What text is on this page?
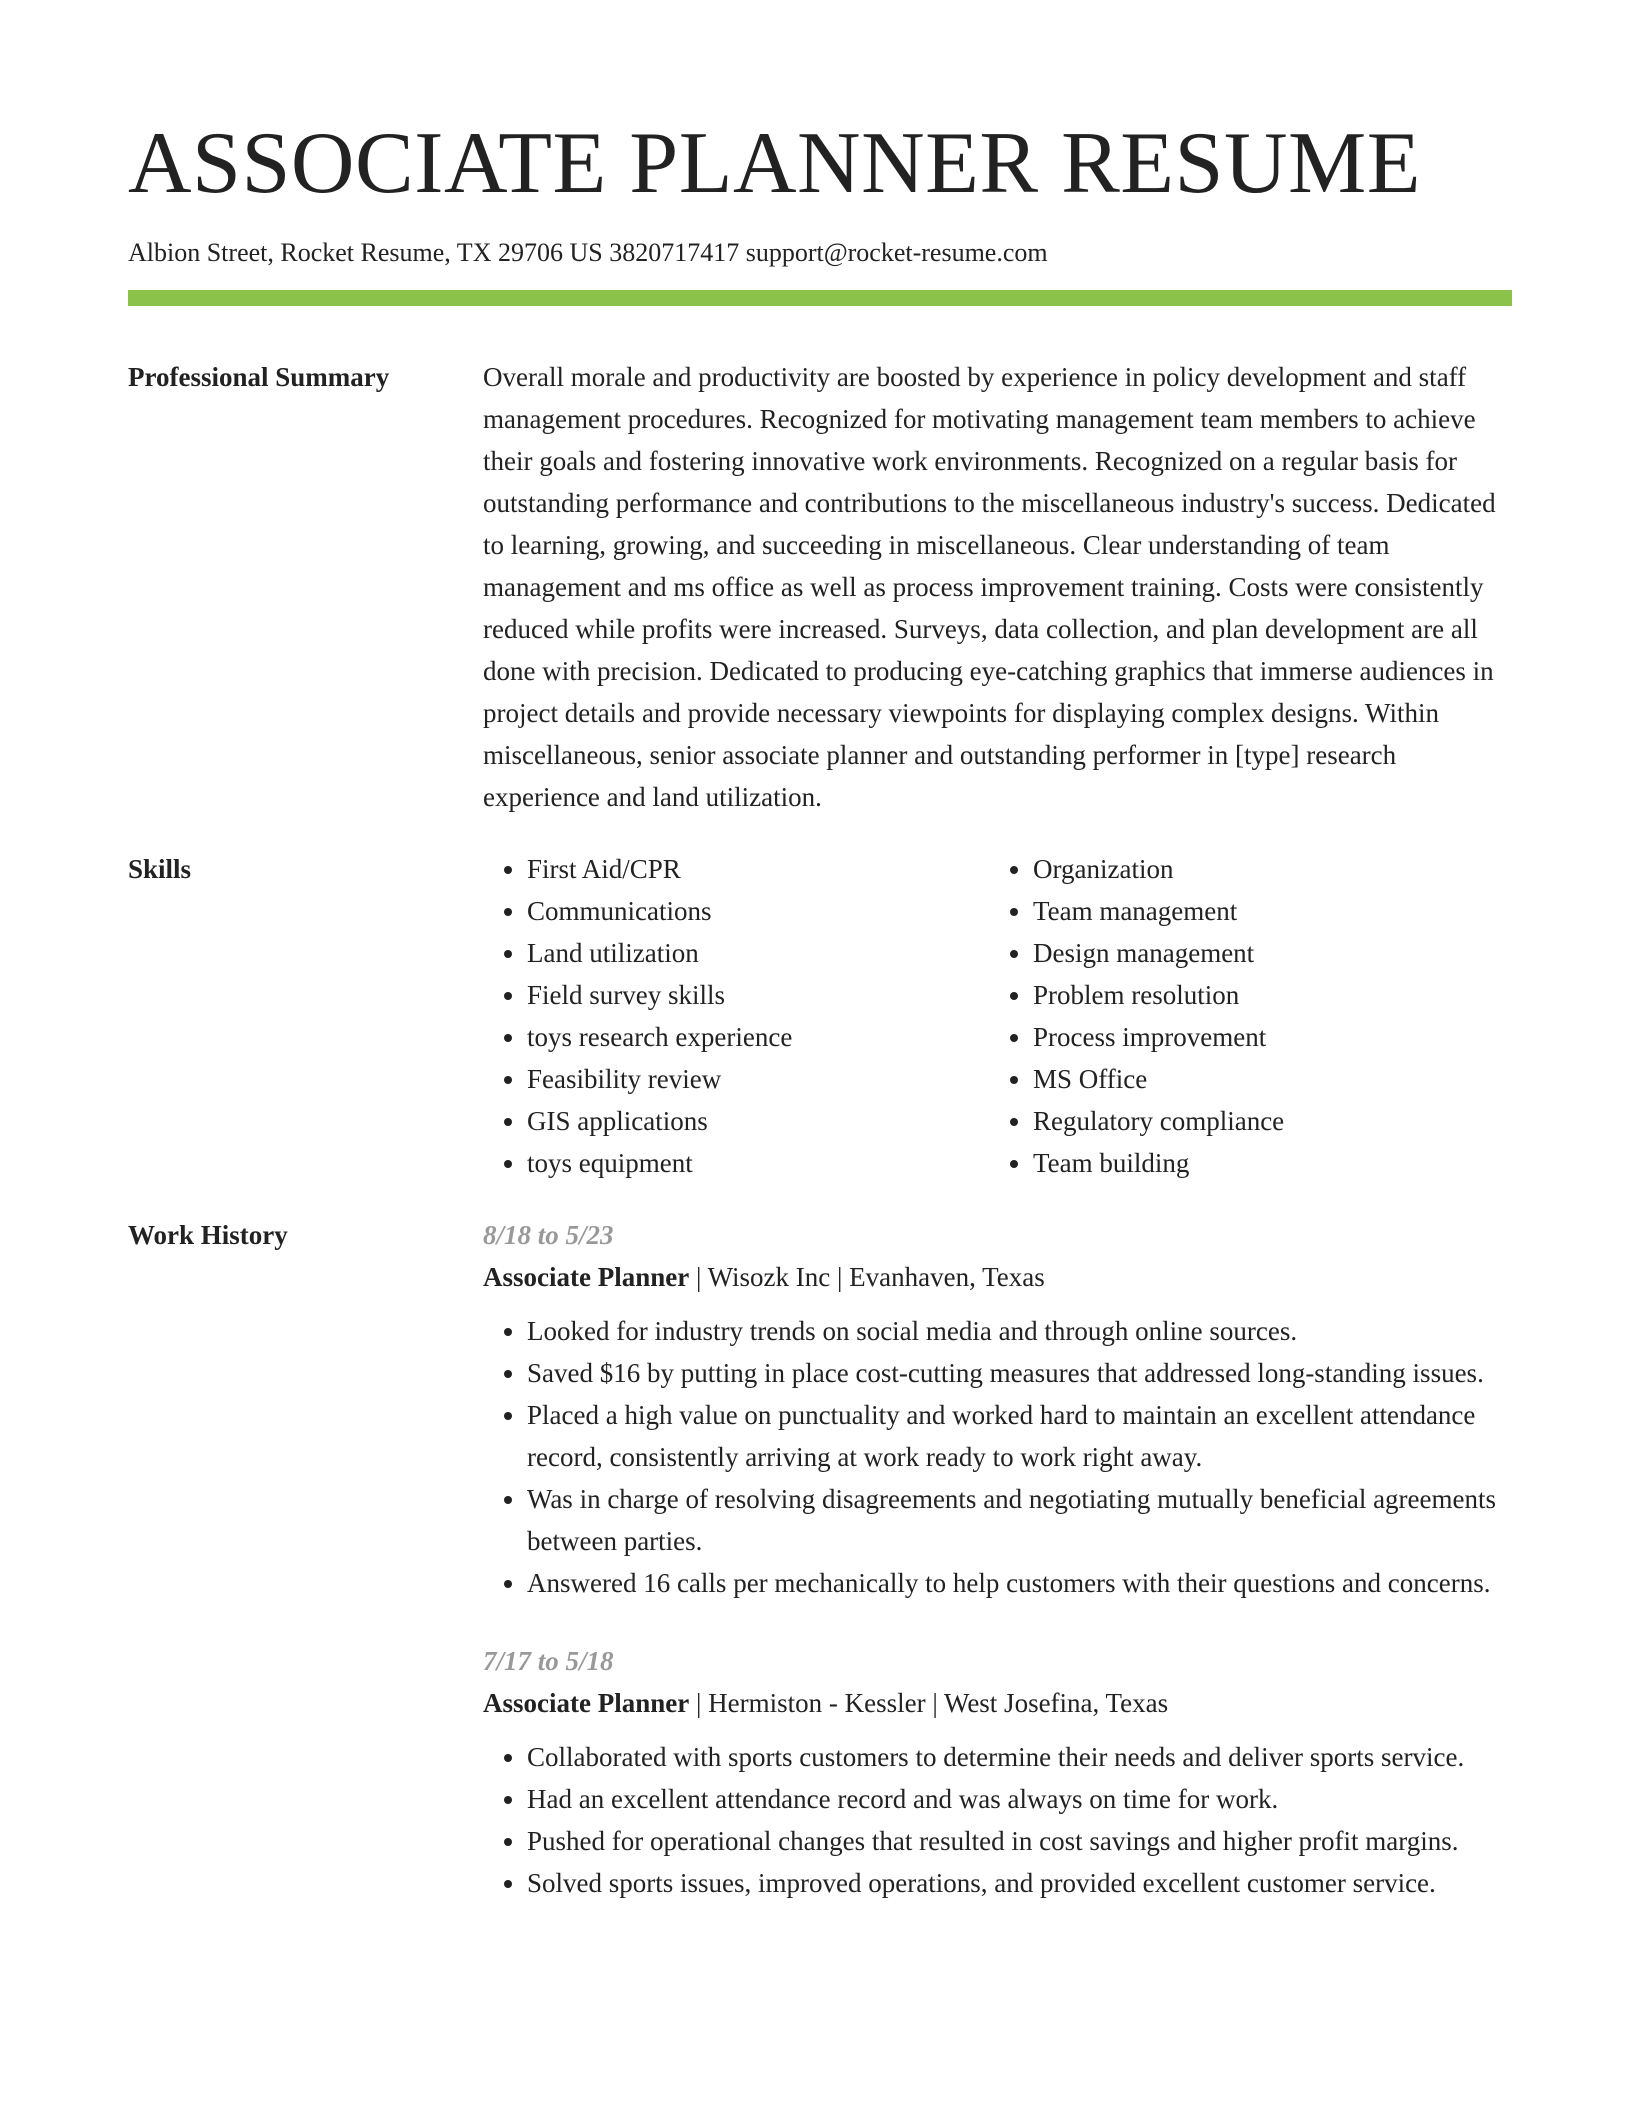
ASSOCIATE PLANNER RESUME
Albion Street, Rocket Resume, TX 29706 US 3820717417 support@rocket-resume.com
Professional Summary	Overall morale and productivity are boosted by experience in policy development and staff management procedures. Recognized for motivating management team members to achieve their goals and fostering innovative work environments. Recognized on a regular basis for outstanding performance and contributions to the miscellaneous industry's success. Dedicated to learning, growing, and succeeding in miscellaneous. Clear understanding of team management and ms office as well as process improvement training. Costs were consistently reduced while profits were increased. Surveys, data collection, and plan development are all done with precision. Dedicated to producing eye-catching graphics that immerse audiences in project details and provide necessary viewpoints for displaying complex designs. Within miscellaneous, senior associate planner and outstanding performer in [type] research experience and land utilization.

Skills
•	First Aid/CPR
• Communications
• Land utilization
• Field survey skills
• toys research experience
• Feasibility review
• GIS applications
• toys equipment
• Organization
• Team management
• Design management
• Problem resolution
• Process improvement
• MS Office
• Regulatory compliance
• Team building
Work History	8/18 to 5/23
Associate Planner | Wisozk Inc | Evanhaven, Texas
• Looked for industry trends on social media and through online sources.
• Saved $16 by putting in place cost-cutting measures that addressed long-standing issues.
• Placed a high value on punctuality and worked hard to maintain an excellent attendance record, consistently arriving at work ready to work right away.
• Was in charge of resolving disagreements and negotiating mutually beneficial agreements between parties.
• Answered 16 calls per mechanically to help customers with their questions and concerns.
7/17 to 5/18
Associate Planner | Hermiston - Kessler | West Josefina, Texas
• Collaborated with sports customers to determine their needs and deliver sports service.
• Had an excellent attendance record and was always on time for work.
• Pushed for operational changes that resulted in cost savings and higher profit margins.
• Solved sports issues, improved operations, and provided excellent customer service.
